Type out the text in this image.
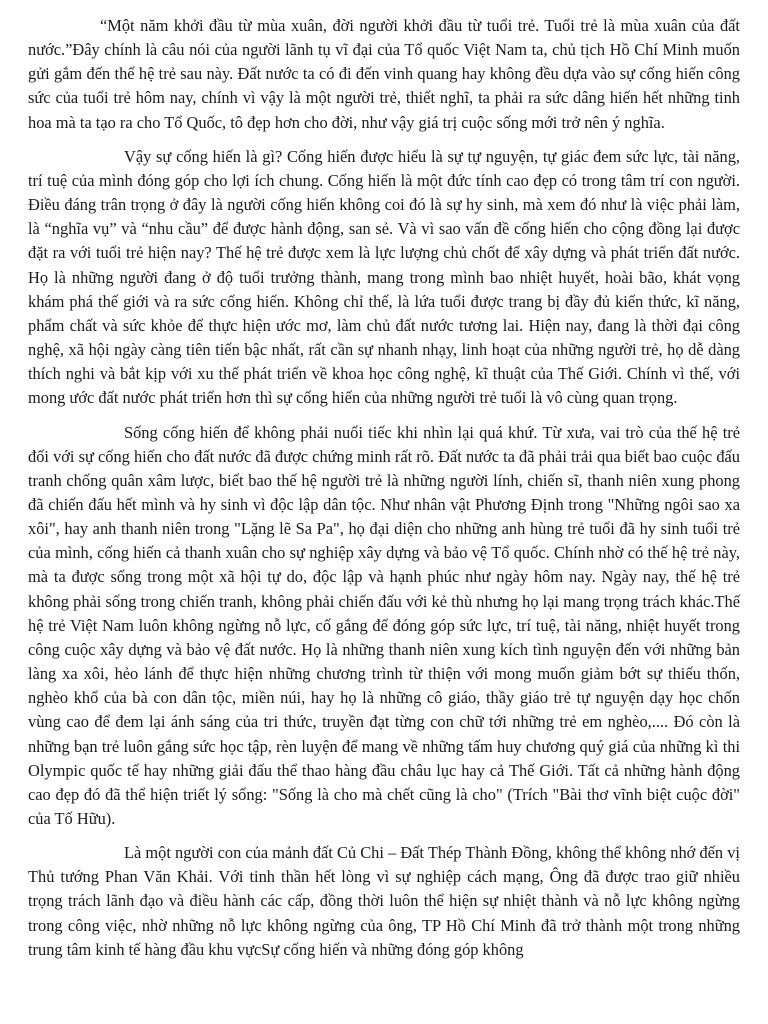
“Một năm khởi đầu từ mùa xuân, đời người khởi đầu từ tuổi trẻ. Tuổi trẻ là mùa xuân của đất nước.”Đây chính là câu nói của người lãnh tụ vĩ đại của Tổ quốc Việt Nam ta, chủ tịch Hồ Chí Minh muốn gửi gắm đến thế hệ trẻ sau này. Đất nước ta có đi đến vinh quang hay không đều dựa vào sự cống hiến công sức của tuổi trẻ hôm nay, chính vì vậy là một người trẻ, thiết nghĩ, ta phải ra sức dâng hiến hết những tinh hoa mà ta tạo ra cho Tổ Quốc, tô đẹp hơn cho đời, như vậy giá trị cuộc sống mới trở nên ý nghĩa.

Vậy sự cống hiến là gì? Cống hiến được hiểu là sự tự nguyện, tự giác đem sức lực, tài năng, trí tuệ của mình đóng góp cho lợi ích chung. Cống hiến là một đức tính cao đẹp có trong tâm trí con người. Điều đáng trân trọng ở đây là người cống hiến không coi đó là sự hy sinh, mà xem đó như là việc phải làm, là “nghĩa vụ” và “nhu cầu” để được hành động, san sẻ. Và vì sao vấn đề cống hiến cho cộng đồng lại được đặt ra với tuổi trẻ hiện nay? Thế hệ trẻ được xem là lực lượng chủ chốt để xây dựng và phát triển đất nước. Họ là những người đang ở độ tuổi trưởng thành, mang trong mình bao nhiệt huyết, hoài bão, khát vọng khám phá thế giới và ra sức cống hiến. Không chỉ thế, là lứa tuổi được trang bị đầy đủ kiến thức, kĩ năng, phẩm chất và sức khỏe để thực hiện ước mơ, làm chủ đất nước tương lai. Hiện nay, đang là thời đại công nghệ, xã hội ngày càng tiên tiến bậc nhất, rất cần sự nhanh nhạy, linh hoạt của những người trẻ, họ dễ dàng thích nghi và bắt kịp với xu thế phát triển về khoa học công nghệ, kĩ thuật của Thế Giới. Chính vì thế, với mong ước đất nước phát triển hơn thì sự cống hiến của những người trẻ tuổi là vô cùng quan trọng.

Sống cống hiến để không phải nuối tiếc khi nhìn lại quá khứ. Từ xưa, vai trò của thế hệ trẻ đối với sự cống hiến cho đất nước đã được chứng minh rất rõ. Đất nước ta đã phải trải qua biết bao cuộc đấu tranh chống quân xâm lược, biết bao thế hệ người trẻ là những người lính, chiến sĩ, thanh niên xung phong đã chiến đấu hết mình và hy sinh vì độc lập dân tộc. Như nhân vật Phương Định trong "Những ngôi sao xa xôi", hay anh thanh niên trong "Lặng lẽ Sa Pa", họ đại diện cho những anh hùng trẻ tuổi đã hy sinh tuổi trẻ của mình, cống hiến cả thanh xuân cho sự nghiệp xây dựng và bảo vệ Tổ quốc. Chính nhờ có thế hệ trẻ này, mà ta được sống trong một xã hội tự do, độc lập và hạnh phúc như ngày hôm nay. Ngày nay, thế hệ trẻ không phải sống trong chiến tranh, không phải chiến đấu với kẻ thù nhưng họ lại mang trọng trách khác.Thế hệ trẻ Việt Nam luôn không ngừng nỗ lực, cố gắng để đóng góp sức lực, trí tuệ, tài năng, nhiệt huyết trong công cuộc xây dựng và bảo vệ đất nước. Họ là những thanh niên xung kích tình nguyện đến với những bản làng xa xôi, hẻo lánh để thực hiện những chương trình từ thiện với mong muốn giảm bớt sự thiếu thốn, nghèo khổ của bà con dân tộc, miền núi, hay họ là những cô giáo, thầy giáo trẻ tự nguyện dạy học chốn vùng cao để đem lại ánh sáng của tri thức, truyền đạt từng con chữ tới những trẻ em nghèo,.... Đó còn là những bạn trẻ luôn gắng sức học tập, rèn luyện để mang về những tấm huy chương quý giá của những kì thi Olympic quốc tế hay những giải đấu thể thao hàng đầu châu lục hay cả Thế Giới. Tất cả những hành động cao đẹp đó đã thể hiện triết lý sống: "Sống là cho mà chết cũng là cho" (Trích "Bài thơ vĩnh biệt cuộc đời" của Tố Hữu).

Là một người con của mảnh đất Củ Chi – Đất Thép Thành Đồng, không thể không nhớ đến vị Thủ tướng Phan Văn Khải. Với tinh thần hết lòng vì sự nghiệp cách mạng, Ông đã được trao giữ nhiều trọng trách lãnh đạo và điều hành các cấp, đồng thời luôn thể hiện sự nhiệt thành và nỗ lực không ngừng trong công việc, nhờ những nỗ lực không ngừng của ông, TP Hồ Chí Minh đã trở thành một trong những trung tâm kinh tế hàng đầu khu vựcSự cống hiến và những đóng góp không
